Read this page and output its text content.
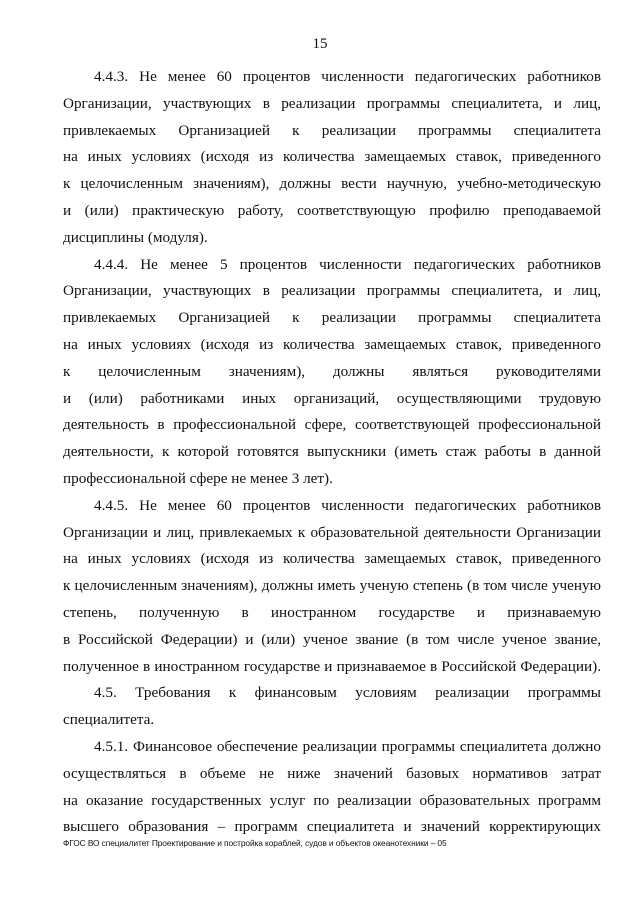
15
4.4.3. Не менее 60 процентов численности педагогических работников
Организации, участвующих в реализации программы специалитета, и лиц,
привлекаемых Организацией к реализации программы специалитета
на иных условиях (исходя из количества замещаемых ставок, приведенного
к целочисленным значениям), должны вести научную, учебно-методическую
и (или) практическую работу, соответствующую профилю преподаваемой
дисциплины (модуля).
4.4.4. Не менее 5 процентов численности педагогических работников
Организации, участвующих в реализации программы специалитета, и лиц,
привлекаемых Организацией к реализации программы специалитета
на иных условиях (исходя из количества замещаемых ставок, приведенного
к целочисленным значениям), должны являться руководителями
и (или) работниками иных организаций, осуществляющими трудовую
деятельность в профессиональной сфере, соответствующей профессиональной
деятельности, к которой готовятся выпускники (иметь стаж работы в данной
профессиональной сфере не менее 3 лет).
4.4.5. Не менее 60 процентов численности педагогических работников
Организации и лиц, привлекаемых к образовательной деятельности Организации
на иных условиях (исходя из количества замещаемых ставок, приведенного
к целочисленным значениям), должны иметь ученую степень (в том числе ученую
степень, полученную в иностранном государстве и признаваемую
в Российской Федерации) и (или) ученое звание (в том числе ученое звание,
полученное в иностранном государстве и признаваемое в Российской Федерации).
4.5. Требования к финансовым условиям реализации программы
специалитета.
4.5.1. Финансовое обеспечение реализации программы специалитета должно
осуществляться в объеме не ниже значений базовых нормативов затрат
на оказание государственных услуг по реализации образовательных программ
высшего образования – программ специалитета и значений корректирующих
ФГОС ВО специалитет Проектирование и постройка кораблей, судов и объектов океанотехники – 05
